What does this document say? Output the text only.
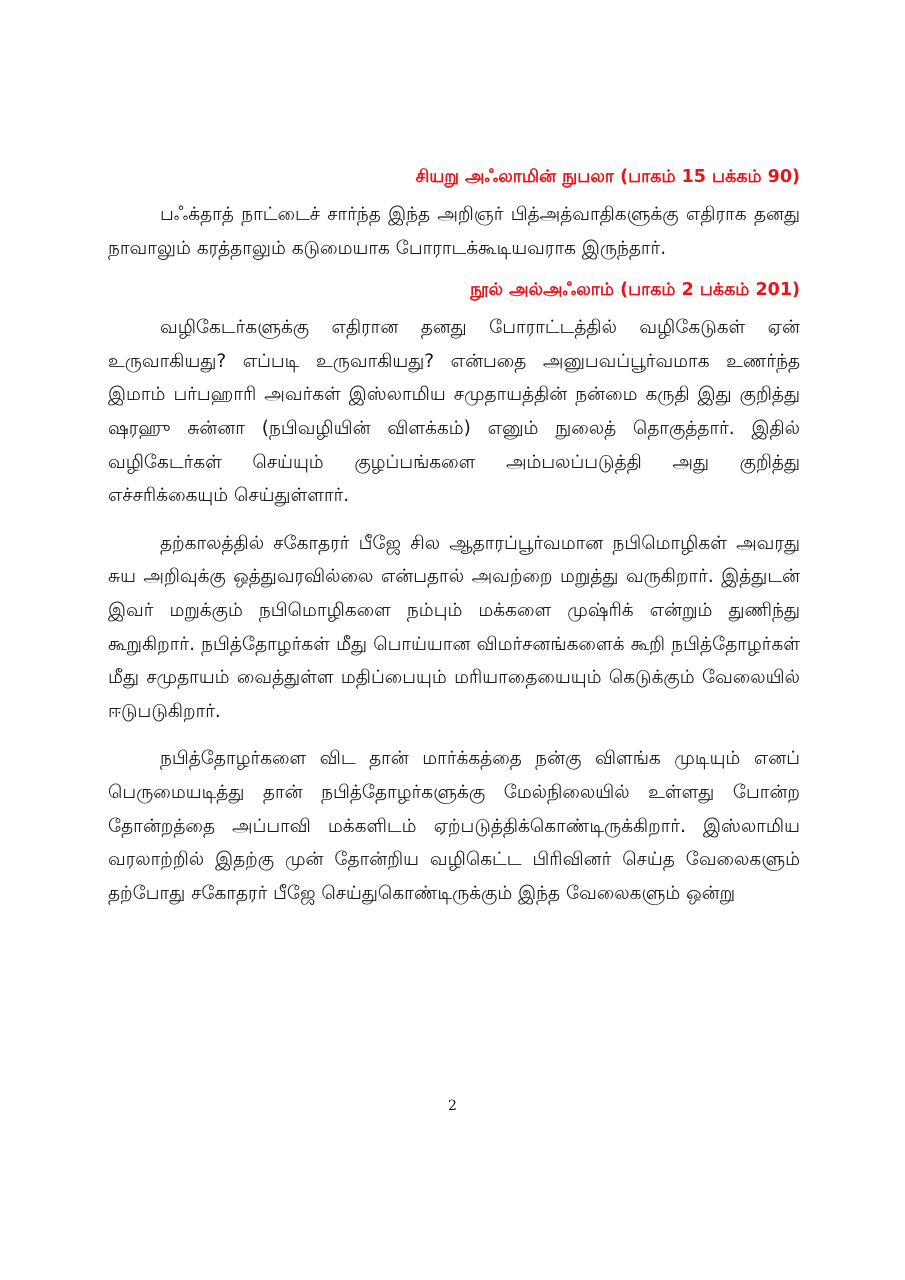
சியறு அஃலாமின் நுபலா (பாகம் 15 பக்கம் 90)

பஃக்தாத் நாட்டைச் சார்ந்த இந்த அறிஞர் பித்அத்வாதிகளுக்கு எதிராக தனது நாவாலும் கரத்தாலும் கடுமையாக போராடக்கூடியவராக இருந்தார்.

நூல் அல்அஃலாம் (பாகம் 2 பக்கம் 201)

வழிகேடர்களுக்கு எதிரான தனது போராட்டத்தில் வழிகேடுகள் ஏன் உருவாகியது? எப்படி உருவாகியது? என்பதை அனுபவப்பூர்வமாக உணர்ந்த இமாம் பர்பஹாரி அவர்கள் இஸ்லாமிய சமுதாயத்தின் நன்மை கருதி இது குறித்து ஷரஹு சுன்னா (நபிவழியின் விளக்கம்) எனும் நுலைத் தொகுத்தார். இதில் வழிகேடர்கள் செய்யும் குழப்பங்களை அம்பலப்படுத்தி அது குறித்து எச்சரிக்கையும் செய்துள்ளார்.

தற்காலத்தில் சகோதரர் பீஜே சில ஆதாரப்பூர்வமான நபிமொழிகள் அவரது சுய அறிவுக்கு ஒத்துவரவில்லை என்பதால் அவற்றை மறுத்து வருகிறார். இத்துடன் இவர் மறுக்கும் நபிமொழிகளை நம்பும் மக்களை முஷ்ரிக் என்றும் துணிந்து கூறுகிறார். நபித்தோழர்கள் மீது பொய்யான விமர்சனங்களைக் கூறி நபித்தோழர்கள் மீது சமுதாயம் வைத்துள்ள மதிப்பையும் மரியாதையையும் கெடுக்கும் வேலையில் ஈடுபடுகிறார்.

நபித்தோழர்களை விட தான் மார்க்கத்தை நன்கு விளங்க முடியும் எனப் பெருமையடித்து தான் நபித்தோழர்களுக்கு மேல்நிலையில் உள்ளது போன்ற தோன்றத்தை அப்பாவி மக்களிடம் ஏற்படுத்திக்கொண்டிருக்கிறார். இஸ்லாமிய வரலாற்றில் இதற்கு முன் தோன்றிய வழிகெட்ட பிரிவினர் செய்த வேலைகளும் தற்போது சகோதரர் பீஜே செய்துகொண்டிருக்கும் இந்த வேலைகளும் ஒன்று

2
